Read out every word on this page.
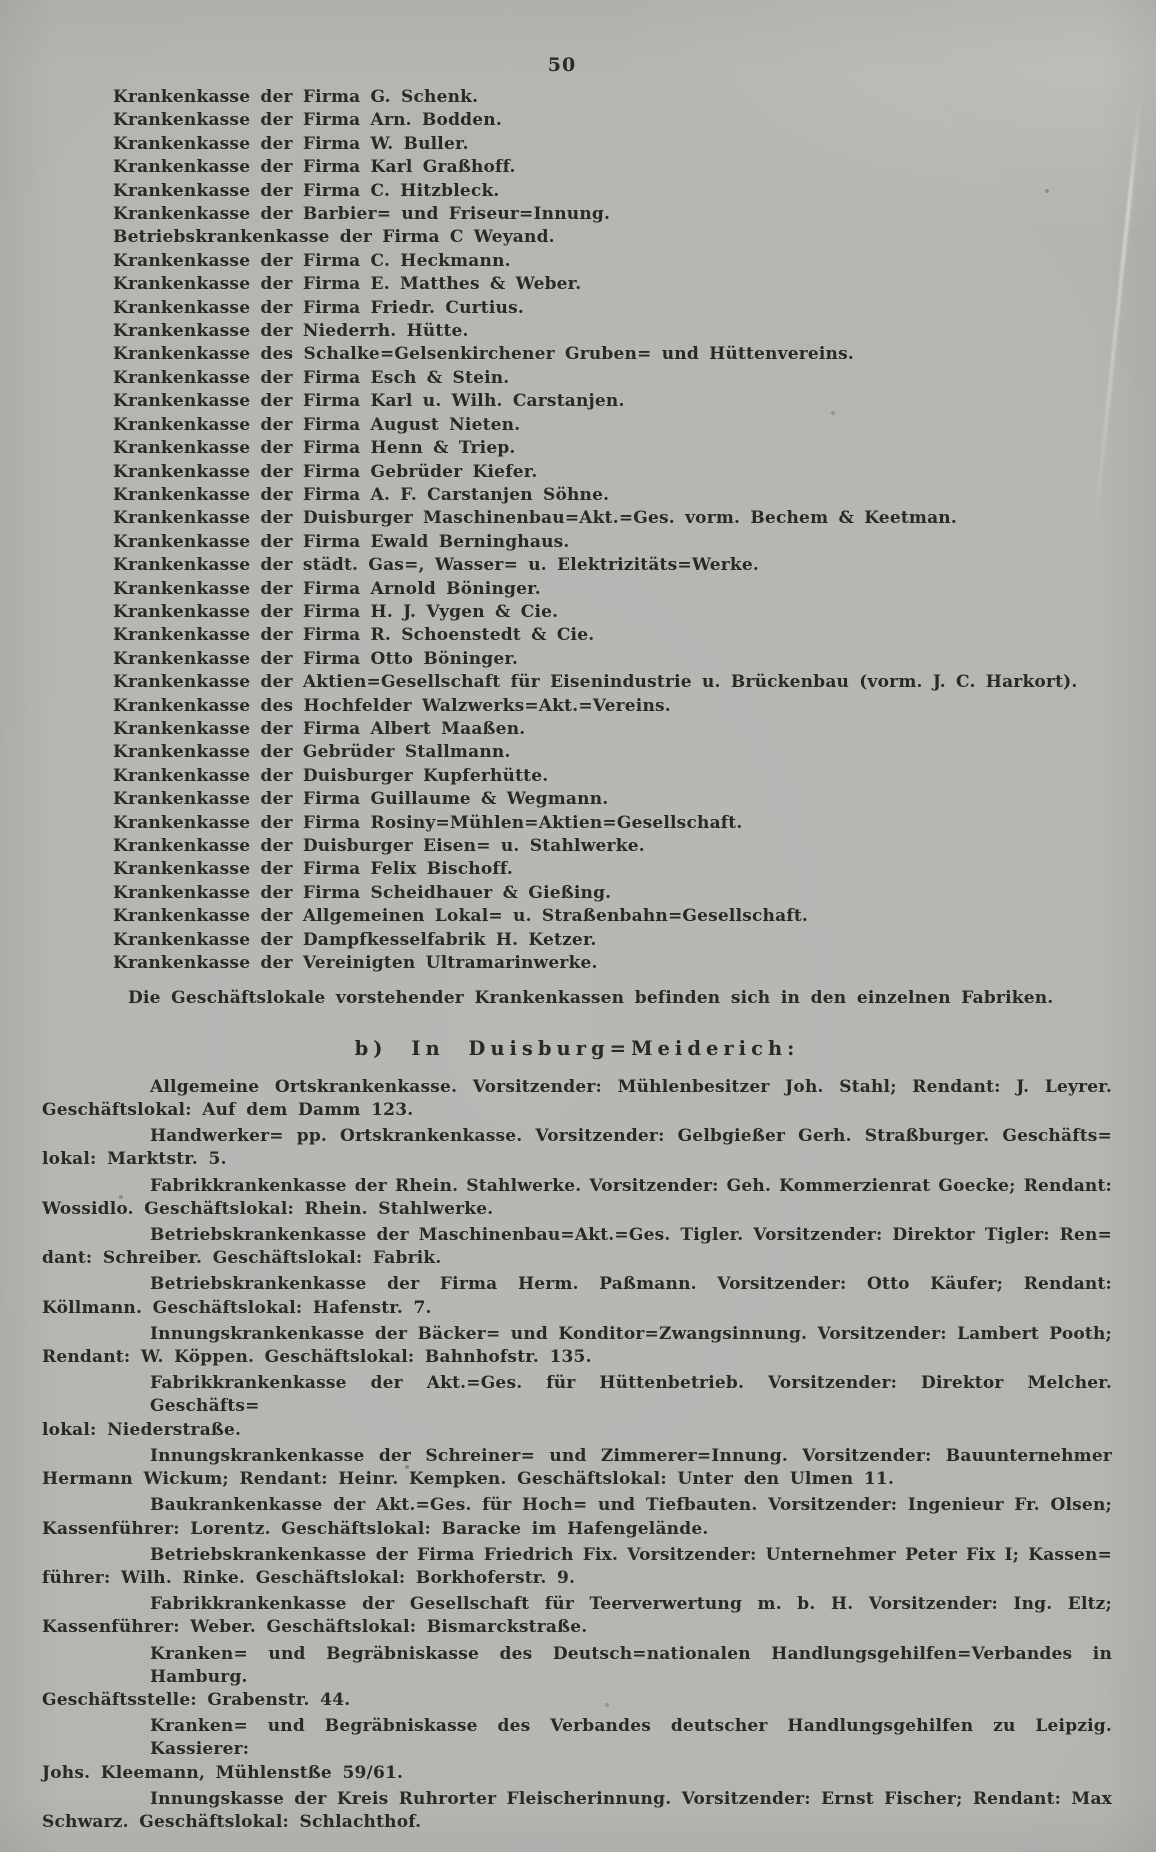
50
Krankenkasse der Firma G. Schenk.
Krankenkasse der Firma Arn. Bodden.
Krankenkasse der Firma W. Buller.
Krankenkasse der Firma Karl Graßhoff.
Krankenkasse der Firma C. Hitzbleck.
Krankenkasse der Barbier= und Friseur=Innung.
Betriebskrankenkasse der Firma C Weyand.
Krankenkasse der Firma C. Heckmann.
Krankenkasse der Firma E. Matthes & Weber.
Krankenkasse der Firma Friedr. Curtius.
Krankenkasse der Niederrh. Hütte.
Krankenkasse des Schalke=Gelsenkirchener Gruben= und Hüttenvereins.
Krankenkasse der Firma Esch & Stein.
Krankenkasse der Firma Karl u. Wilh. Carstanjen.
Krankenkasse der Firma August Nieten.
Krankenkasse der Firma Henn & Triep.
Krankenkasse der Firma Gebrüder Kiefer.
Krankenkasse der Firma A. F. Carstanjen Söhne.
Krankenkasse der Duisburger Maschinenbau=Akt.=Ges. vorm. Bechem & Keetman.
Krankenkasse der Firma Ewald Berninghaus.
Krankenkasse der städt. Gas=, Wasser= u. Elektrizitäts=Werke.
Krankenkasse der Firma Arnold Böninger.
Krankenkasse der Firma H. J. Vygen & Cie.
Krankenkasse der Firma R. Schoenstedt & Cie.
Krankenkasse der Firma Otto Böninger.
Krankenkasse der Aktien=Gesellschaft für Eisenindustrie u. Brückenbau (vorm. J. C. Harkort).
Krankenkasse des Hochfelder Walzwerks=Akt.=Vereins.
Krankenkasse der Firma Albert Maaßen.
Krankenkasse der Gebrüder Stallmann.
Krankenkasse der Duisburger Kupferhütte.
Krankenkasse der Firma Guillaume & Wegmann.
Krankenkasse der Firma Rosiny=Mühlen=Aktien=Gesellschaft.
Krankenkasse der Duisburger Eisen= u. Stahlwerke.
Krankenkasse der Firma Felix Bischoff.
Krankenkasse der Firma Scheidhauer & Gießing.
Krankenkasse der Allgemeinen Lokal= u. Straßenbahn=Gesellschaft.
Krankenkasse der Dampfkesselfabrik H. Ketzer.
Krankenkasse der Vereinigten Ultramarinwerke.
Die Geschäftslokale vorstehender Krankenkassen befinden sich in den einzelnen Fabriken.
b) In Duisburg=Meiderich:
Allgemeine Ortskrankenkasse. Vorsitzender: Mühlenbesitzer Joh. Stahl; Rendant: J. Leyrer.
Geschäftslokal: Auf dem Damm 123.
Handwerker= pp. Ortskrankenkasse. Vorsitzender: Gelbgießer Gerh. Straßburger. Geschäfts=
lokal: Marktstr. 5.
Fabrikkrankenkasse der Rhein. Stahlwerke. Vorsitzender: Geh. Kommerzienrat Goecke; Rendant:
Wossidlo. Geschäftslokal: Rhein. Stahlwerke.
Betriebskrankenkasse der Maschinenbau=Akt.=Ges. Tigler. Vorsitzender: Direktor Tigler: Ren=
dant: Schreiber. Geschäftslokal: Fabrik.
Betriebskrankenkasse der Firma Herm. Paßmann. Vorsitzender: Otto Käufer; Rendant:
Köllmann. Geschäftslokal: Hafenstr. 7.
Innungskrankenkasse der Bäcker= und Konditor=Zwangsinnung. Vorsitzender: Lambert Pooth;
Rendant: W. Köppen. Geschäftslokal: Bahnhofstr. 135.
Fabrikkrankenkasse der Akt.=Ges. für Hüttenbetrieb. Vorsitzender: Direktor Melcher. Geschäfts=
lokal: Niederstraße.
Innungskrankenkasse der Schreiner= und Zimmerer=Innung. Vorsitzender: Bauunternehmer
Hermann Wickum; Rendant: Heinr. Kempken. Geschäftslokal: Unter den Ulmen 11.
Baukrankenkasse der Akt.=Ges. für Hoch= und Tiefbauten. Vorsitzender: Ingenieur Fr. Olsen;
Kassenführer: Lorentz. Geschäftslokal: Baracke im Hafengelände.
Betriebskrankenkasse der Firma Friedrich Fix. Vorsitzender: Unternehmer Peter Fix I; Kassen=
führer: Wilh. Rinke. Geschäftslokal: Borkhoferstr. 9.
Fabrikkrankenkasse der Gesellschaft für Teerverwertung m. b. H. Vorsitzender: Ing. Eltz;
Kassenführer: Weber. Geschäftslokal: Bismarckstraße.
Kranken= und Begräbniskasse des Deutsch=nationalen Handlungsgehilfen=Verbandes in Hamburg.
Geschäftsstelle: Grabenstr. 44.
Kranken= und Begräbniskasse des Verbandes deutscher Handlungsgehilfen zu Leipzig. Kassierer:
Johs. Kleemann, Mühlenstße 59/61.
Innungskasse der Kreis Ruhrorter Fleischerinnung. Vorsitzender: Ernst Fischer; Rendant: Max
Schwarz. Geschäftslokal: Schlachthof.
